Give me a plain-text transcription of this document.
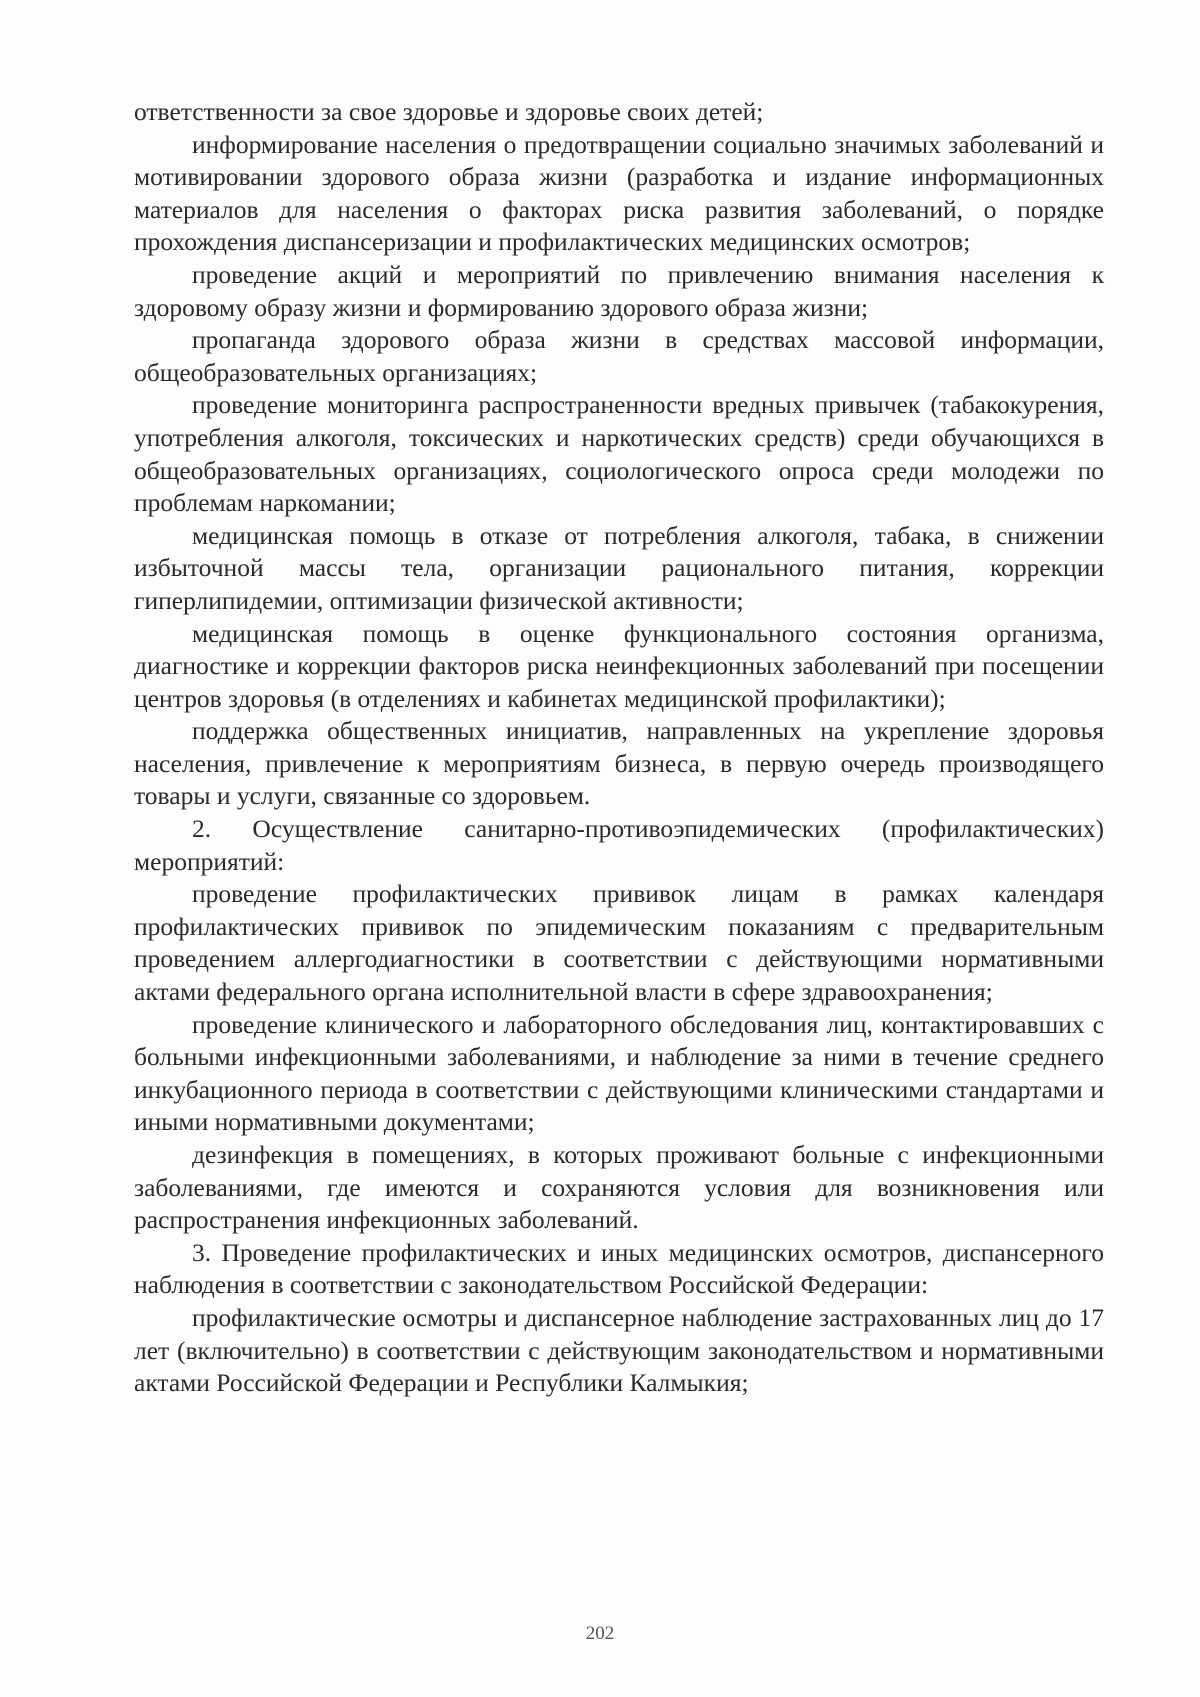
ответственности за свое здоровье и здоровье своих детей;

информирование населения о предотвращении социально значимых заболеваний и мотивировании здорового образа жизни (разработка и издание информационных материалов для населения о факторах риска развития заболеваний, о порядке прохождения диспансеризации и профилактических медицинских осмотров;

проведение акций и мероприятий по привлечению внимания населения к здоровому образу жизни и формированию здорового образа жизни;

пропаганда здорового образа жизни в средствах массовой информации, общеобразовательных организациях;

проведение мониторинга распространенности вредных привычек (табакокурения, употребления алкоголя, токсических и наркотических средств) среди обучающихся в общеобразовательных организациях, социологического опроса среди молодежи по проблемам наркомании;

медицинская помощь в отказе от потребления алкоголя, табака, в снижении избыточной массы тела, организации рационального питания, коррекции гиперлипидемии, оптимизации физической активности;

медицинская помощь в оценке функционального состояния организма, диагностике и коррекции факторов риска неинфекционных заболеваний при посещении центров здоровья (в отделениях и кабинетах медицинской профилактики);

поддержка общественных инициатив, направленных на укрепление здоровья населения, привлечение к мероприятиям бизнеса, в первую очередь производящего товары и услуги, связанные со здоровьем.

2. Осуществление санитарно-противоэпидемических (профилактических) мероприятий:

проведение профилактических прививок лицам в рамках календаря профилактических прививок по эпидемическим показаниям с предварительным проведением аллергодиагностики в соответствии с действующими нормативными актами федерального органа исполнительной власти в сфере здравоохранения;

проведение клинического и лабораторного обследования лиц, контактировавших с больными инфекционными заболеваниями, и наблюдение за ними в течение среднего инкубационного периода в соответствии с действующими клиническими стандартами и иными нормативными документами;

дезинфекция в помещениях, в которых проживают больные с инфекционными заболеваниями, где имеются и сохраняются условия для возникновения или распространения инфекционных заболеваний.

3. Проведение профилактических и иных медицинских осмотров, диспансерного наблюдения в соответствии с законодательством Российской Федерации:

профилактические осмотры и диспансерное наблюдение застрахованных лиц до 17 лет (включительно) в соответствии с действующим законодательством и нормативными актами Российской Федерации и Республики Калмыкия;

202
